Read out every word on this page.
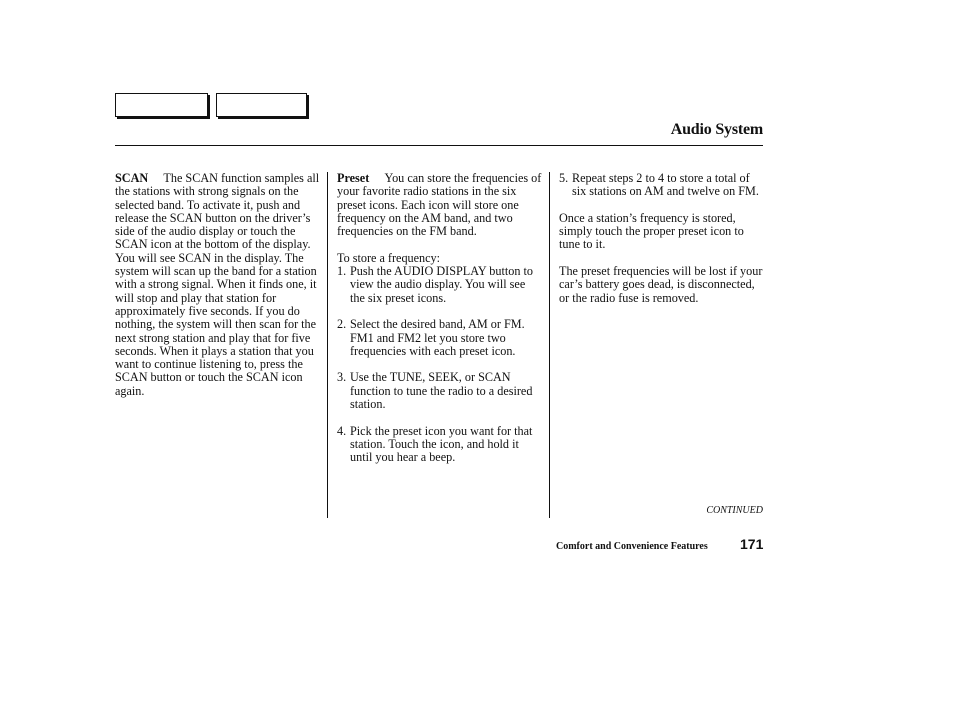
Audio System

SCAN The SCAN function samples all the stations with strong signals on the selected band. To activate it, push and release the SCAN button on the driver’s side of the audio display or touch the SCAN icon at the bottom of the display. You will see SCAN in the display. The system will scan up the band for a station with a strong signal. When it finds one, it will stop and play that station for approximately five seconds. If you do nothing, the system will then scan for the next strong station and play that for five seconds. When it plays a station that you want to continue listening to, press the SCAN button or touch the SCAN icon again.

Preset You can store the frequencies of your favorite radio stations in the six preset icons. Each icon will store one frequency on the AM band, and two frequencies on the FM band.

To store a frequency:
1. Push the AUDIO DISPLAY button to view the audio display. You will see the six preset icons.
2. Select the desired band, AM or FM. FM1 and FM2 let you store two frequencies with each preset icon.
3. Use the TUNE, SEEK, or SCAN function to tune the radio to a desired station.
4. Pick the preset icon you want for that station. Touch the icon, and hold it until you hear a beep.
5. Repeat steps 2 to 4 to store a total of six stations on AM and twelve on FM.

Once a station’s frequency is stored, simply touch the proper preset icon to tune to it.

The preset frequencies will be lost if your car’s battery goes dead, is disconnected, or the radio fuse is removed.

CONTINUED
Comfort and Convenience Features 171
